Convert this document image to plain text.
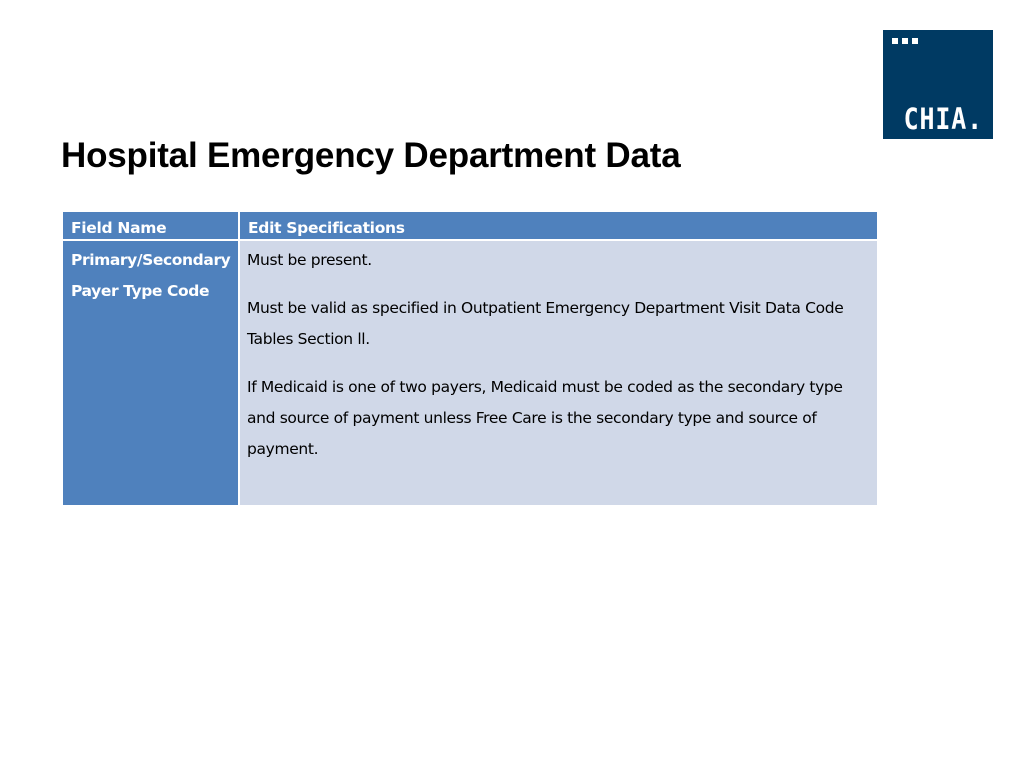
CHIA.
Hospital Emergency Department Data
Field Name	Edit Specifications
Primary/Secondary
Payer Type Code

Must be present.

Must be valid as specified in Outpatient Emergency Department Visit Data Code Tables Section ll.

If Medicaid is one of two payers, Medicaid must be coded as the secondary type and source of payment unless Free Care is the secondary type and source of payment.
